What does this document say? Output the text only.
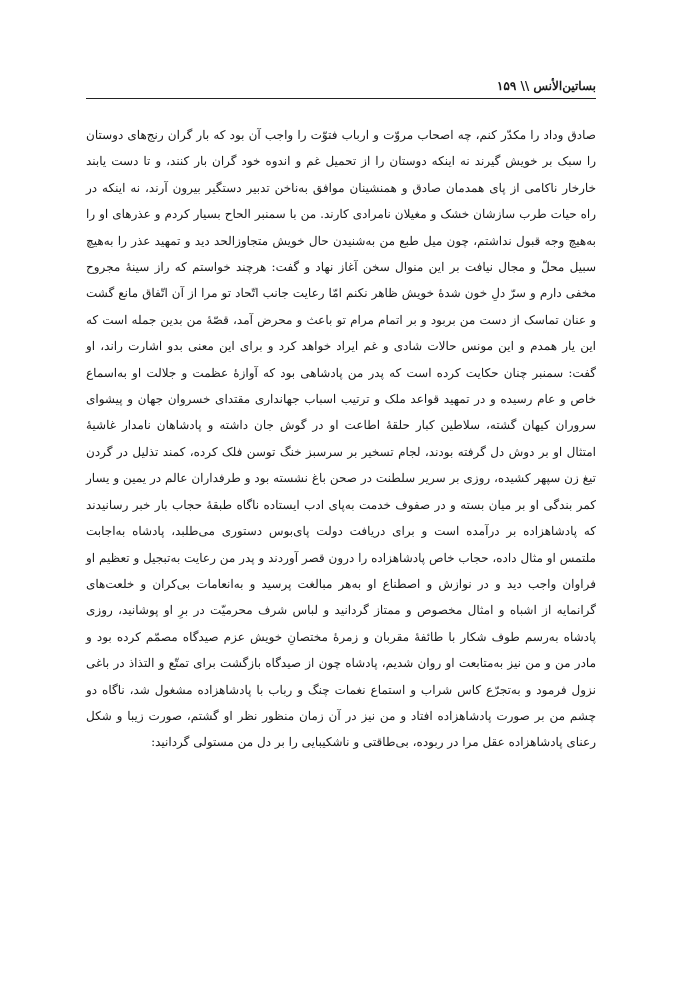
بساتین‌الأنس \\ ۱۵۹

صادق وداد را مکدّر کنم، چه اصحاب مروّت و ارباب فتوّت را واجب آن بود که بار گران رنج‌های دوستان را سبک بر خویش گیرند نه اینکه دوستان را از تحمیل غم و اندوه خود گران بار کنند، و تا دست یابند خارخار ناکامی از پای همدمان صادق و همنشینان موافق به‌ناخن تدبیر دستگیر بیرون آرند، نه اینکه در راه حیات طرب سازشان خشک و مغیلان نامرادی کارند. من با سمنبر الحاح بسیار کردم و عذرهای او را به‌هیچ وجه قبول نداشتم، چون میل طبع من به‌شنیدن حال خویش متجاوزالحد دید و تمهید عذر را به‌هیچ سبیل محلّ و مجال نیافت بر این منوال سخن آغاز نهاد و گفت: هرچند خواستم که راز سینهٔ مجروح مخفی دارم و سرّ دلِ خون شدهٔ خویش ظاهر نکنم امّا رعایت جانب اتّحاد تو مرا از آن اتّفاق مانع گشت و عنان تماسک از دست من بربود و بر اتمام مرام تو باعث و محرض آمد، قصّهٔ من بدین جمله است که این یار همدم و این مونس حالات شادی و غم ایراد خواهد کرد و برای این معنی بدو اشارت راند، او گفت: سمنبر چنان حکایت کرده است که پدر من پادشاهی بود که آوازهٔ عظمت و جلالت او به‌اسماع خاص و عام رسیده و در تمهید قواعد ملک و ترتیب اسباب جهانداری مقتدای خسروان جهان و پیشوای سروران کیهان گشته، سلاطین کبار حلقهٔ اطاعت او در گوش جان داشته و پادشاهان نامدار غاشیهٔ امتثال او بر دوش دل گرفته بودند، لجام تسخیر بر سرسبز خنگ توسن فلک کرده، کمند تذلیل در گردن تیغ زن سپهر کشیده، روزی بر سریر سلطنت در صحن باغ نشسته بود و طرفداران عالم در یمین و یسار کمر بندگی او بر میان بسته و در صفوف خدمت به‌پای ادب ایستاده ناگاه طبقهٔ حجاب بار خبر رسانیدند که پادشاهزاده بر درآمده است و برای دریافت دولت پای‌بوس دستوری می‌طلبد، پادشاه به‌اجابت ملتمس او مثال داده، حجاب خاص پادشاهزاده را درون قصر آوردند و پدر من رعایت به‌تبجیل و تعظیم او فراوان واجب دید و در نوازش و اصطناع او به‌هر مبالغت پرسید و به‌انعامات بی‌کران و خلعت‌های گرانمایه از اشباه و امثال مخصوص و ممتاز گردانید و لباس شرف محرمیّت در برِ او پوشانید، روزی پادشاه به‌رسم طوف شکار با طائفهٔ مقربان و زمرهٔ مختصانِ خویش عزم صیدگاه مصمّم کرده بود و مادر من و من نیز به‌متابعت او روان شدیم، پادشاه چون از صیدگاه بازگشت برای تمتّع و التذاذ در باغی نزول فرمود و به‌تجرّع کاس شراب و استماع نغمات چنگ و رباب با پادشاهزاده مشغول شد، ناگاه دو چشم من بر صورت پادشاهزاده افتاد و من نیز در آن زمان منظور نظر او گشتم، صورت زیبا و شکل رعنای پادشاهزاده عقل مرا در ربوده، بی‌طاقتی و ناشکیبایی را بر دل من مستولی گردانید:
